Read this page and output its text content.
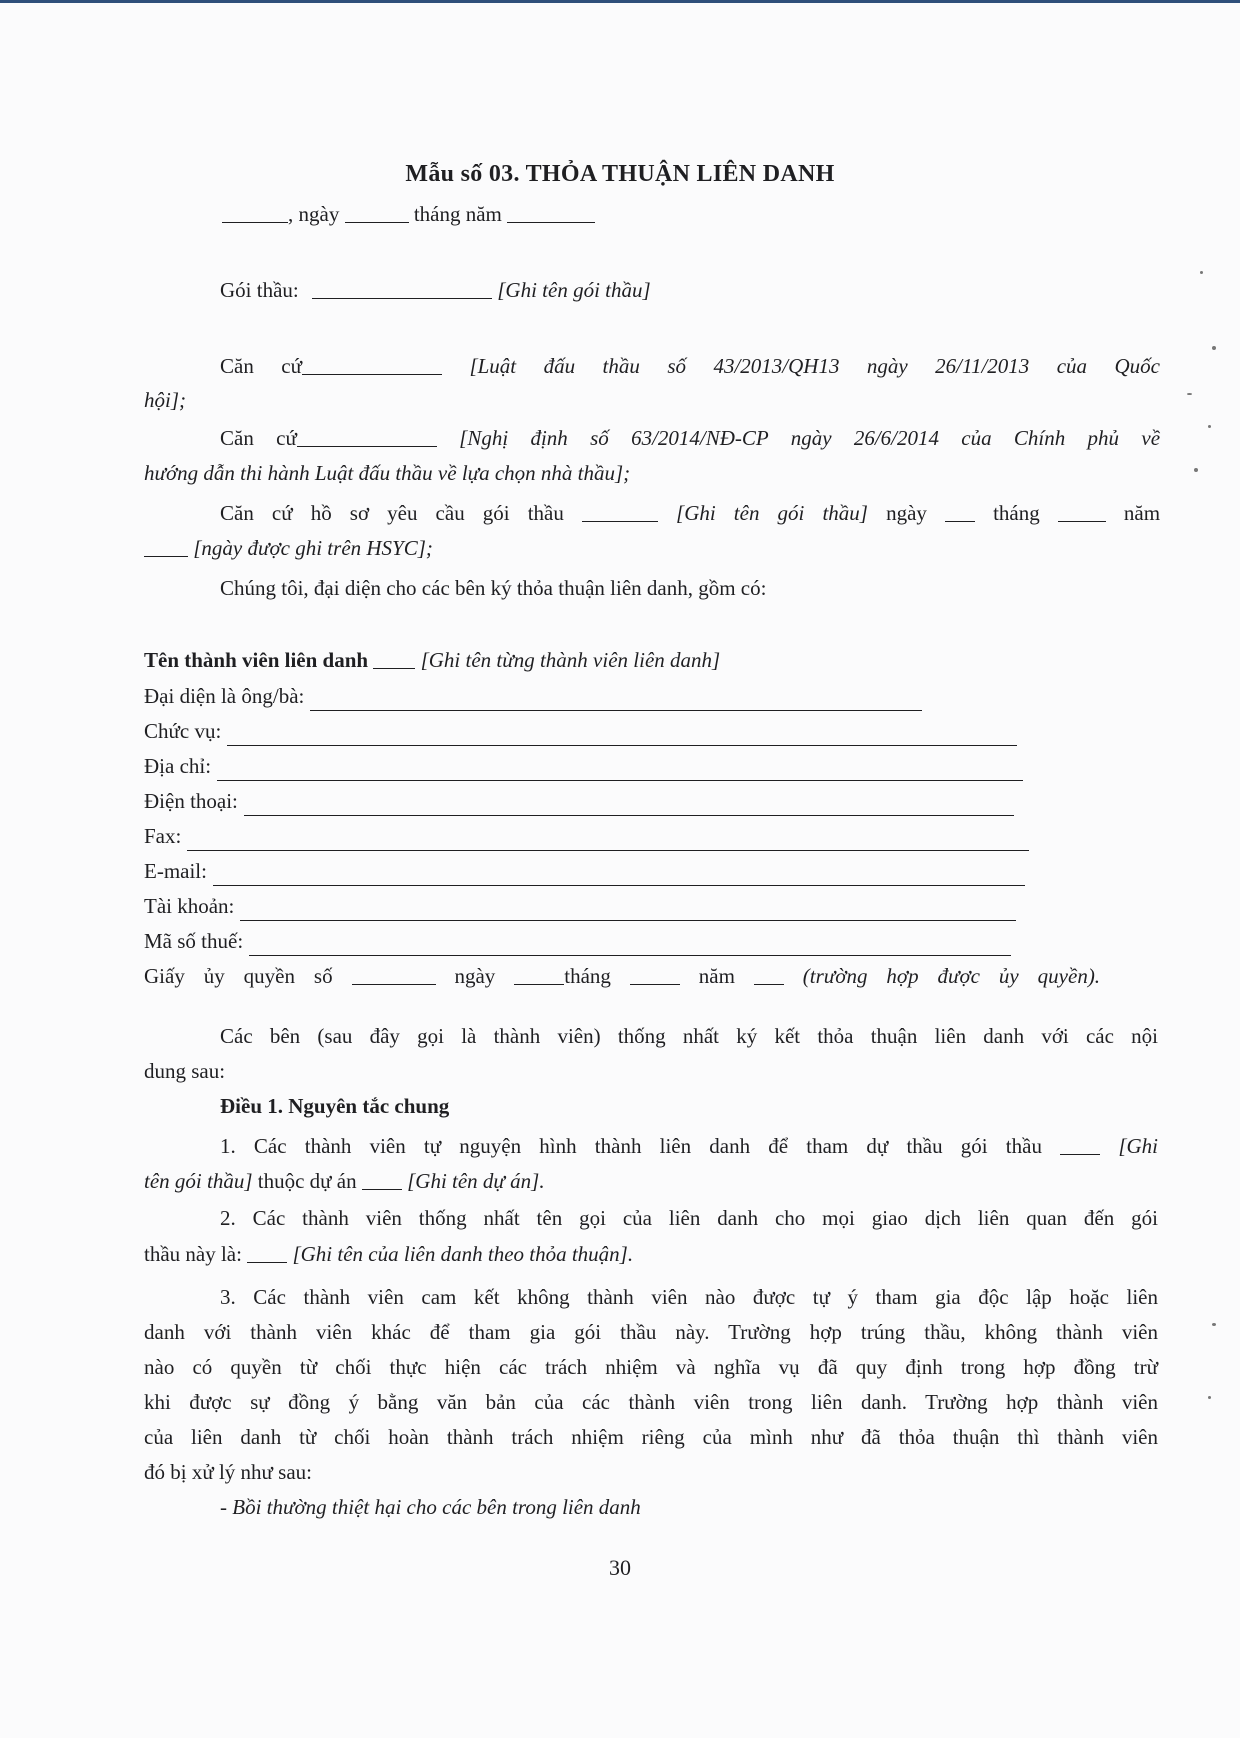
Mẫu số 03. THỎA THUẬN LIÊN DANH
, ngày	tháng năm
Gói thầu:	[Ghi tên gói thầu]
Căn cứ	[Luật đấu thầu số 43/2013/QH13 ngày 26/11/2013 của Quốc
hội];
Căn cứ	[Nghị định số 63/2014/NĐ-CP ngày 26/6/2014 của Chính phủ về
hướng dẫn thi hành Luật đấu thầu về lựa chọn nhà thầu];
Căn cứ hồ sơ yêu cầu gói thầu	[Ghi tên gói thầu] ngày	tháng	năm
[ngày được ghi trên HSYC];
Chúng tôi, đại diện cho các bên ký thỏa thuận liên danh, gồm có:
Tên thành viên liên danh	[Ghi tên từng thành viên liên danh]
Đại diện là ông/bà:
Chức vụ:
Địa chỉ:
Điện thoại:
Fax:
E-mail:
Tài khoản:
Mã số thuế:
Giấy ủy quyền số	ngày	tháng	năm	(trường hợp được ủy quyền).
Các bên (sau đây gọi là thành viên) thống nhất ký kết thỏa thuận liên danh với các nội
dung sau:
Điều 1. Nguyên tắc chung
1. Các thành viên tự nguyện hình thành liên danh để tham dự thầu gói thầu	[Ghi
tên gói thầu] thuộc dự án [Ghi tên dự án].
2. Các thành viên thống nhất tên gọi của liên danh cho mọi giao dịch liên quan đến gói
thầu này là: [Ghi tên của liên danh theo thỏa thuận].
3. Các thành viên cam kết không thành viên nào được tự ý tham gia độc lập hoặc liên
danh với thành viên khác để tham gia gói thầu này. Trường hợp trúng thầu, không thành viên
nào có quyền từ chối thực hiện các trách nhiệm và nghĩa vụ đã quy định trong hợp đồng trừ
khi được sự đồng ý bằng văn bản của các thành viên trong liên danh. Trường hợp thành viên
của liên danh từ chối hoàn thành trách nhiệm riêng của mình như đã thỏa thuận thì thành viên
đó bị xử lý như sau:
- Bồi thường thiệt hại cho các bên trong liên danh
30
